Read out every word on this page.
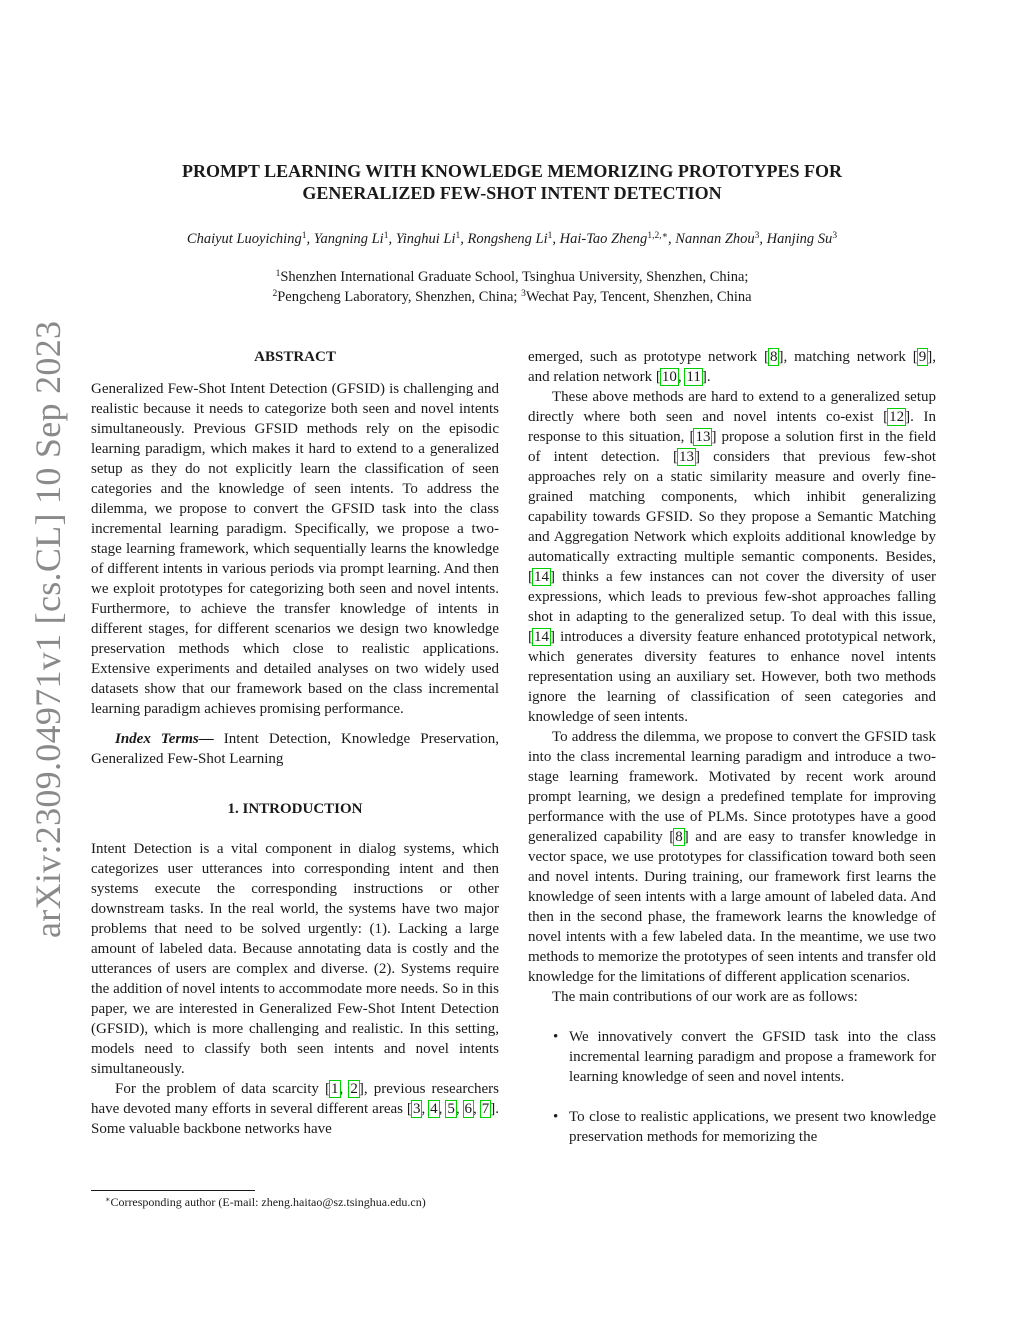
arXiv:2309.04971v1 [cs.CL] 10 Sep 2023
PROMPT LEARNING WITH KNOWLEDGE MEMORIZING PROTOTYPES FOR
GENERALIZED FEW-SHOT INTENT DETECTION
Chaiyut Luoyiching$^1$, Yangning Li$^1$, Yinghui Li$^1$, Rongsheng Li$^1$, Hai-Tao Zheng$^{1,2,∗}$, Nannan Zhou$^3$, Hanjing Su$^3$
$^1$Shenzhen International Graduate School, Tsinghua University, Shenzhen, China;
$^2$Pengcheng Laboratory, Shenzhen, China; $^3$Wechat Pay, Tencent, Shenzhen, China
ABSTRACT

Generalized Few-Shot Intent Detection (GFSID) is challenging and realistic because it needs to categorize both seen and novel intents simultaneously. Previous GFSID methods rely on the episodic learning paradigm, which makes it hard to extend to a generalized setup as they do not explicitly learn the classification of seen categories and the knowledge of seen intents. To address the dilemma, we propose to convert the GFSID task into the class incremental learning paradigm. Specifically, we propose a two-stage learning framework, which sequentially learns the knowledge of different intents in various periods via prompt learning. And then we exploit prototypes for categorizing both seen and novel intents. Furthermore, to achieve the transfer knowledge of intents in different stages, for different scenarios we design two knowledge preservation methods which close to realistic applications. Extensive experiments and detailed analyses on two widely used datasets show that our framework based on the class incremental learning paradigm achieves promising performance.

Index Terms— Intent Detection, Knowledge Preservation, Generalized Few-Shot Learning

1. INTRODUCTION

Intent Detection is a vital component in dialog systems, which categorizes user utterances into corresponding intent and then systems execute the corresponding instructions or other downstream tasks. In the real world, the systems have two major problems that need to be solved urgently: (1). Lacking a large amount of labeled data. Because annotating data is costly and the utterances of users are complex and diverse. (2). Systems require the addition of novel intents to accommodate more needs. So in this paper, we are interested in Generalized Few-Shot Intent Detection (GFSID), which is more challenging and realistic. In this setting, models need to classify both seen intents and novel intents simultaneously.

For the problem of data scarcity [1, 2], previous researchers have devoted many efforts in several different areas [3, 4, 5, 6, 7]. Some valuable backbone networks have

∗Corresponding author (E-mail: zheng.haitao@sz.tsinghua.edu.cn)

emerged, such as prototype network [8], matching network [9], and relation network [10, 11].

These above methods are hard to extend to a generalized setup directly where both seen and novel intents co-exist [12]. In response to this situation, [13] propose a solution first in the field of intent detection. [13] considers that previous few-shot approaches rely on a static similarity measure and overly fine-grained matching components, which inhibit generalizing capability towards GFSID. So they propose a Semantic Matching and Aggregation Network which exploits additional knowledge by automatically extracting multiple semantic components. Besides, [14] thinks a few instances can not cover the diversity of user expressions, which leads to previous few-shot approaches falling shot in adapting to the generalized setup. To deal with this issue, [14] introduces a diversity feature enhanced prototypical network, which generates diversity features to enhance novel intents representation using an auxiliary set. However, both two methods ignore the learning of classification of seen categories and knowledge of seen intents.

To address the dilemma, we propose to convert the GFSID task into the class incremental learning paradigm and introduce a two-stage learning framework. Motivated by recent work around prompt learning, we design a predefined template for improving performance with the use of PLMs. Since prototypes have a good generalized capability [8] and are easy to transfer knowledge in vector space, we use prototypes for classification toward both seen and novel intents. During training, our framework first learns the knowledge of seen intents with a large amount of labeled data. And then in the second phase, the framework learns the knowledge of novel intents with a few labeled data. In the meantime, we use two methods to memorize the prototypes of seen intents and transfer old knowledge for the limitations of different application scenarios.

The main contributions of our work are as follows:

• We innovatively convert the GFSID task into the class incremental learning paradigm and propose a framework for learning knowledge of seen and novel intents.
• To close to realistic applications, we present two knowledge preservation methods for memorizing the
